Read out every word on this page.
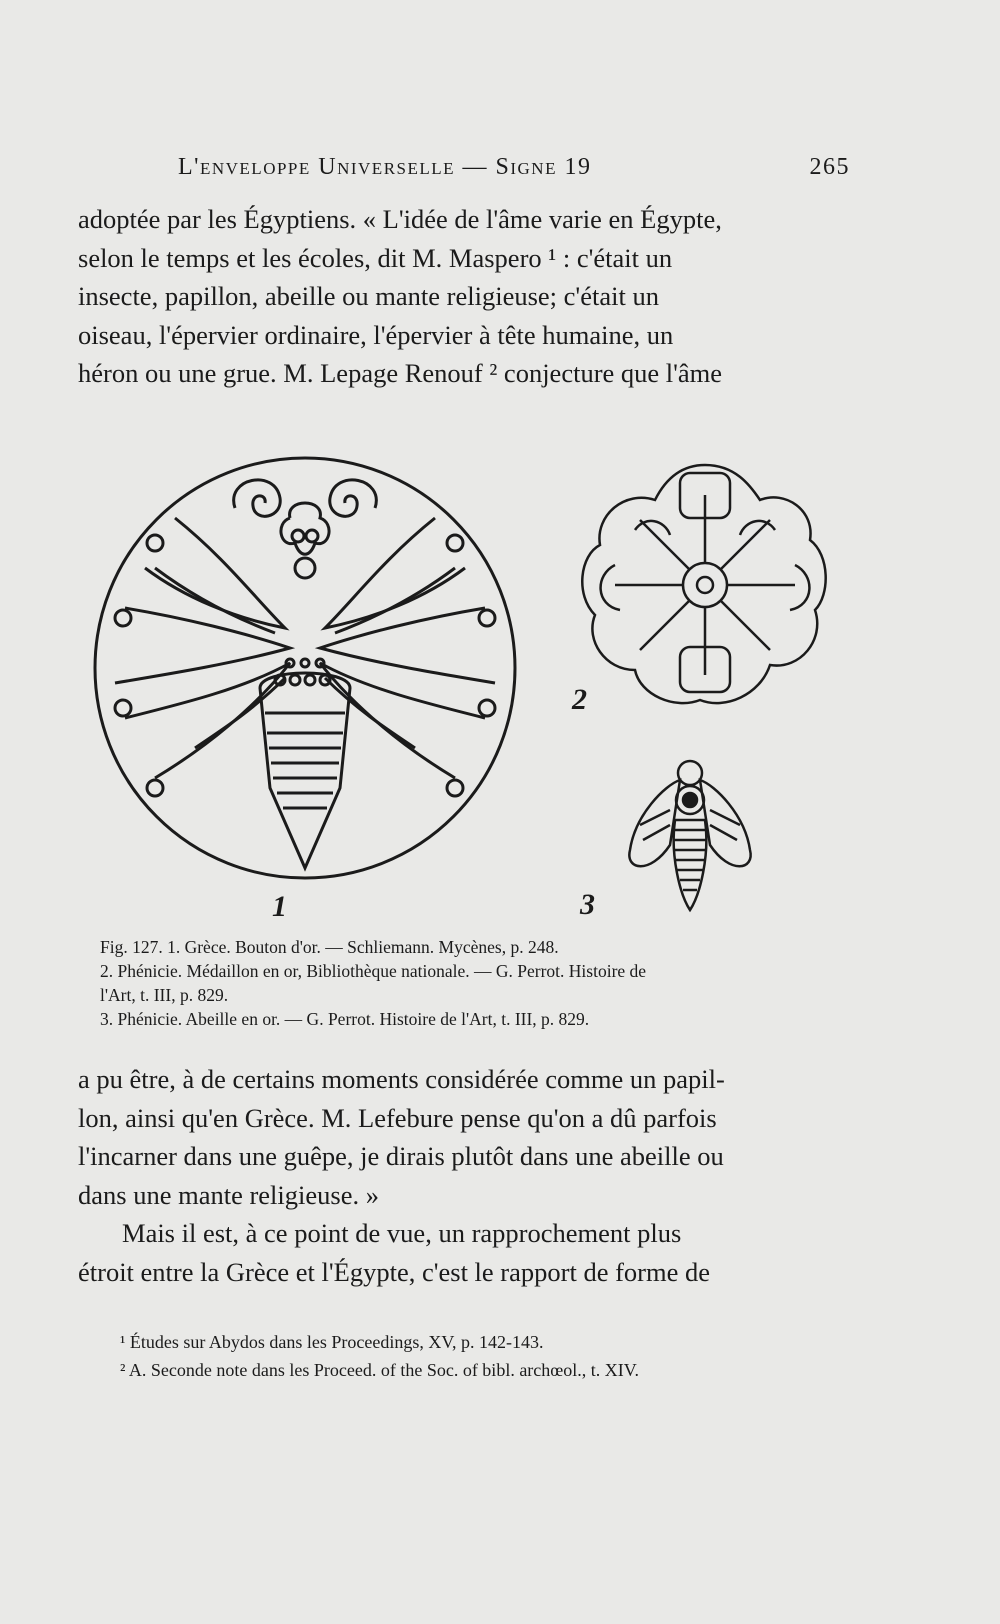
L'enveloppe Universelle — Signe 19	265
adoptée par les Égyptiens. « L'idée de l'âme varie en Égypte,
selon le temps et les écoles, dit M. Maspero ¹ : c'était un
insecte, papillon, abeille ou mante religieuse; c'était un
oiseau, l'épervier ordinaire, l'épervier à tête humaine, un
héron ou une grue. M. Lepage Renouf ² conjecture que l'âme
1
2
3
Fig. 127. 1. Grèce. Bouton d'or. — Schliemann. Mycènes, p. 248.
2. Phénicie. Médaillon en or, Bibliothèque nationale. — G. Perrot. Histoire de
l'Art, t. III, p. 829.
3. Phénicie. Abeille en or. — G. Perrot. Histoire de l'Art, t. III, p. 829.
a pu être, à de certains moments considérée comme un papil-
lon, ainsi qu'en Grèce. M. Lefebure pense qu'on a dû parfois
l'incarner dans une guêpe, je dirais plutôt dans une abeille ou
dans une mante religieuse. »
Mais il est, à ce point de vue, un rapprochement plus
étroit entre la Grèce et l'Égypte, c'est le rapport de forme de
¹ Études sur Abydos dans les Proceedings, XV, p. 142-143.
² A. Seconde note dans les Proceed. of the Soc. of bibl. archœol., t. XIV.
